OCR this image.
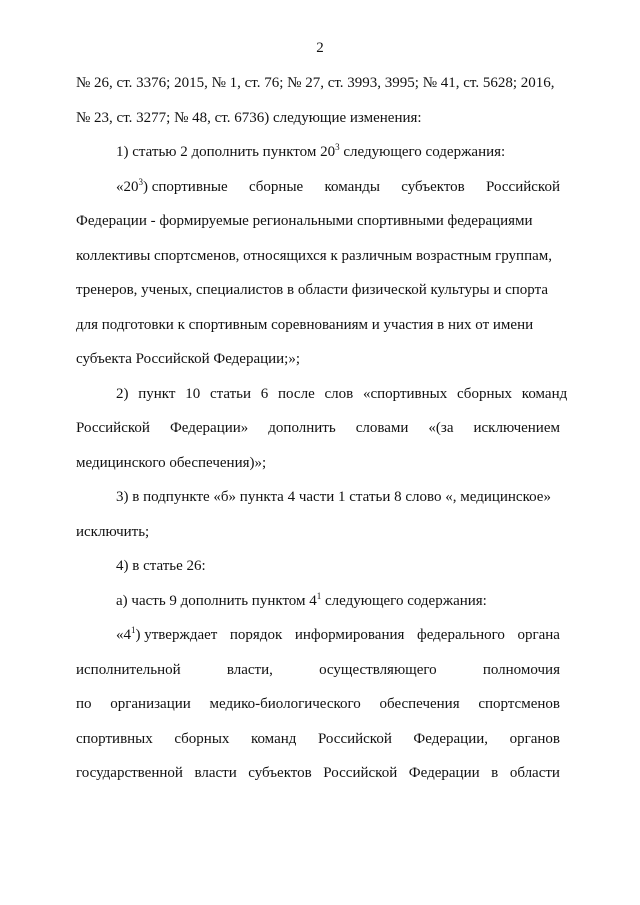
2
№ 26, ст. 3376; 2015, № 1, ст. 76; № 27, ст. 3993, 3995; № 41, ст. 5628; 2016,
№ 23, ст. 3277; № 48, ст. 6736) следующие изменения:
1) статью 2 дополнить пунктом $20^3$ следующего содержания:
«$20^3$) спортивные сборные команды субъектов Российской
Федерации - формируемые региональными спортивными федерациями
коллективы спортсменов, относящихся к различным возрастным группам,
тренеров, ученых, специалистов в области физической культуры и спорта
для подготовки к спортивным соревнованиям и участия в них от имени
субъекта Российской Федерации;»;
2) пункт 10 статьи 6 после слов «спортивных сборных команд
Российской Федерации» дополнить словами «(за исключением
медицинского обеспечения)»;
3) в подпункте «б» пункта 4 части 1 статьи 8 слово «, медицинское»
исключить;
4) в статье 26:
а) часть 9 дополнить пунктом $4^1$ следующего содержания:
«$4^1$) утверждает порядок информирования федерального органа
исполнительной	власти,	осуществляющего	полномочия
по организации медико-биологического обеспечения спортсменов
спортивных сборных команд Российской Федерации, органов
государственной власти субъектов Российской Федерации в области
